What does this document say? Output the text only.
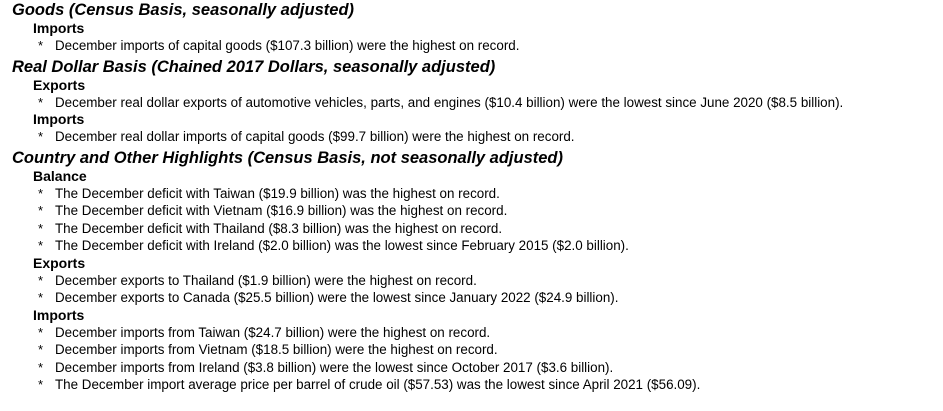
Goods (Census Basis, seasonally adjusted)
Imports
* December imports of capital goods ($107.3 billion) were the highest on record.
Real Dollar Basis (Chained 2017 Dollars, seasonally adjusted)
Exports
* December real dollar exports of automotive vehicles, parts, and engines ($10.4 billion) were the lowest since June 2020 ($8.5 billion).
Imports
* December real dollar imports of capital goods ($99.7 billion) were the highest on record.
Country and Other Highlights (Census Basis, not seasonally adjusted)
Balance
* The December deficit with Taiwan ($19.9 billion) was the highest on record.
* The December deficit with Vietnam ($16.9 billion) was the highest on record.
* The December deficit with Thailand ($8.3 billion) was the highest on record.
* The December deficit with Ireland ($2.0 billion) was the lowest since February 2015 ($2.0 billion).
Exports
* December exports to Thailand ($1.9 billion) were the highest on record.
* December exports to Canada ($25.5 billion) were the lowest since January 2022 ($24.9 billion).
Imports
* December imports from Taiwan ($24.7 billion) were the highest on record.
* December imports from Vietnam ($18.5 billion) were the highest on record.
* December imports from Ireland ($3.8 billion) were the lowest since October 2017 ($3.6 billion).
* The December import average price per barrel of crude oil ($57.53) was the lowest since April 2021 ($56.09).
